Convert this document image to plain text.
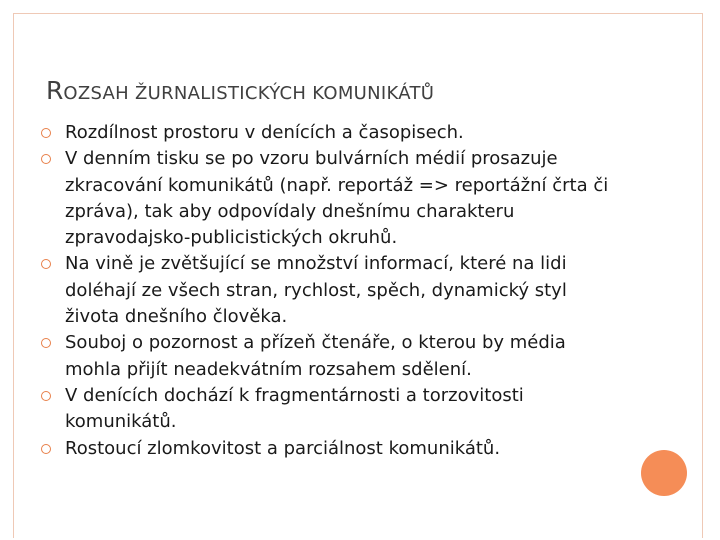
ROZSAH ŽURNALISTICKÝCH KOMUNIKÁTŮ
Rozdílnost prostoru v denících a časopisech.
V denním tisku se po vzoru bulvárních médií prosazuje zkracování komunikátů (např. reportáž => reportážní črta či zpráva), tak aby odpovídaly dnešnímu charakteru zpravodajsko-publicistických okruhů.
Na vině je zvětšující se množství informací, které na lidi doléhají ze všech stran, rychlost, spěch, dynamický styl života dnešního člověka.
Souboj o pozornost a přízeň čtenáře, o kterou by média mohla přijít neadekvátním rozsahem sdělení.
V denících dochází k fragmentárnosti a torzovitosti komunikátů.
Rostoucí zlomkovitost a parciálnost komunikátů.
